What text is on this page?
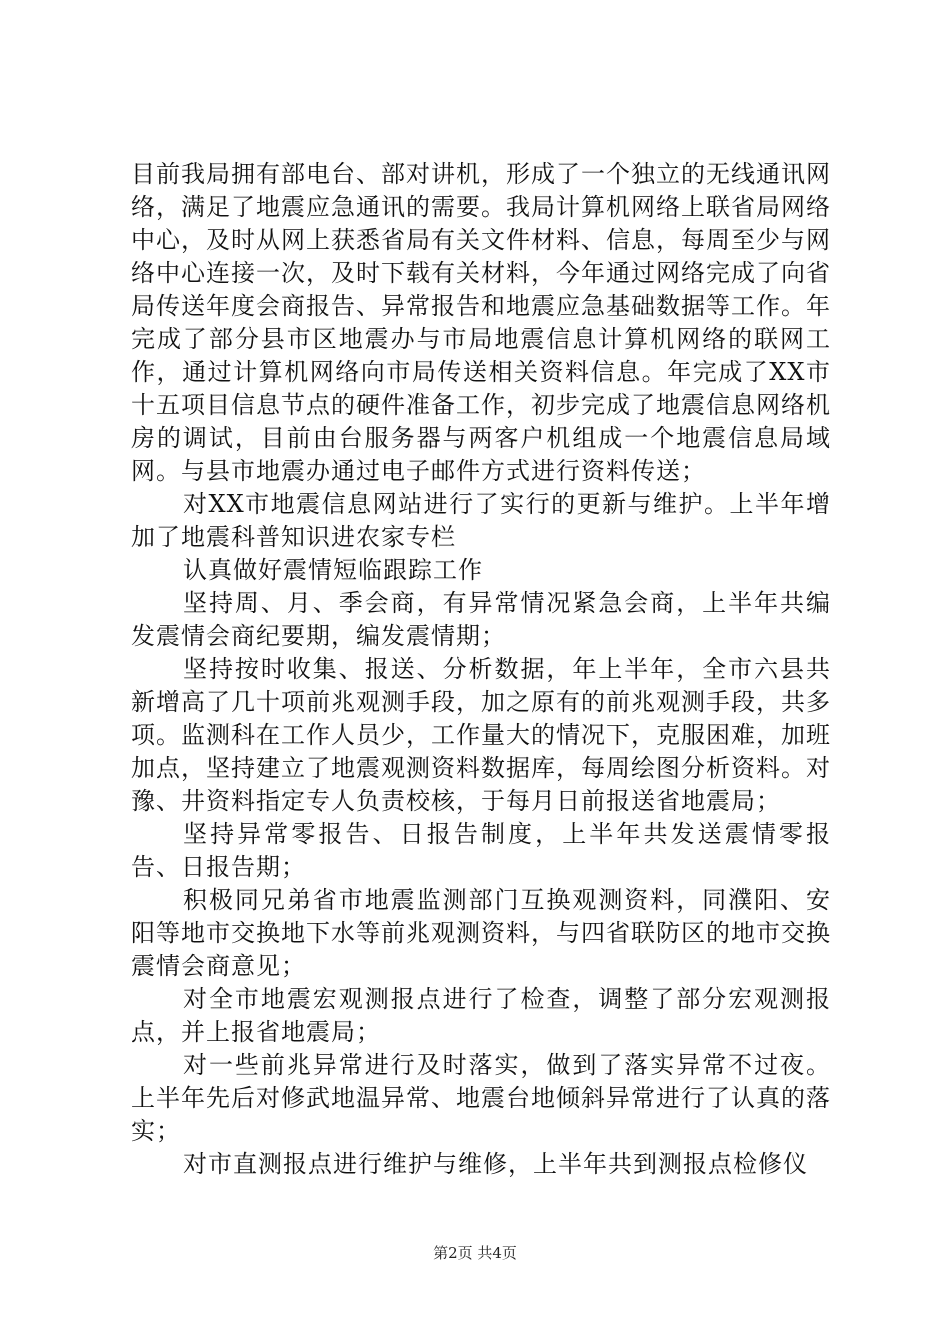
目前我局拥有部电台、部对讲机，形成了一个独立的无线通讯网络，满足了地震应急通讯的需要。我局计算机网络上联省局网络中心，及时从网上获悉省局有关文件材料、信息，每周至少与网络中心连接一次，及时下载有关材料，今年通过网络完成了向省局传送年度会商报告、异常报告和地震应急基础数据等工作。年完成了部分县市区地震办与市局地震信息计算机网络的联网工作，通过计算机网络向市局传送相关资料信息。年完成了XX市十五项目信息节点的硬件准备工作，初步完成了地震信息网络机房的调试，目前由台服务器与两客户机组成一个地震信息局域网。与县市地震办通过电子邮件方式进行资料传送；

对XX市地震信息网站进行了实行的更新与维护。上半年增加了地震科普知识进农家专栏

认真做好震情短临跟踪工作

坚持周、月、季会商，有异常情况紧急会商，上半年共编发震情会商纪要期，编发震情期；

坚持按时收集、报送、分析数据，年上半年，全市六县共新增高了几十项前兆观测手段，加之原有的前兆观测手段，共多项。监测科在工作人员少，工作量大的情况下，克服困难，加班加点，坚持建立了地震观测资料数据库，每周绘图分析资料。对豫、井资料指定专人负责校核，于每月日前报送省地震局；

坚持异常零报告、日报告制度，上半年共发送震情零报告、日报告期；

积极同兄弟省市地震监测部门互换观测资料，同濮阳、安阳等地市交换地下水等前兆观测资料，与四省联防区的地市交换震情会商意见；

对全市地震宏观测报点进行了检查，调整了部分宏观测报点，并上报省地震局；

对一些前兆异常进行及时落实，做到了落实异常不过夜。上半年先后对修武地温异常、地震台地倾斜异常进行了认真的落实；

对市直测报点进行维护与维修，上半年共到测报点检修仪

第2页 共4页
